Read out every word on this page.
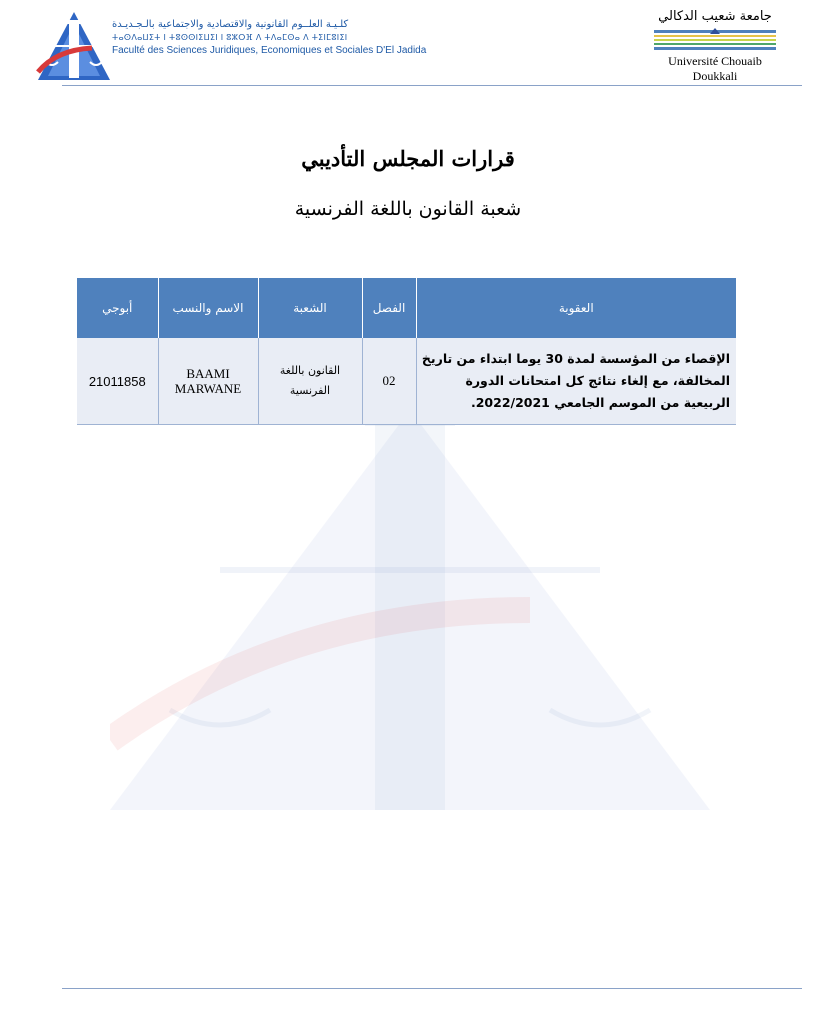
كلـيـة العلــوم القانونية والاقتصادية والاجتماعية بالـجـديـدة
ⵜⴰⵙⴷⴰⵡⵉⵜ ⵏ ⵜⵓⵙⵙⵏⵉⵡⵉⵏ ⵏ ⵓⵣⵔⴼ ⴷ ⵜⴷⴰⵎⵙⴰ ⴷ ⵜⵉⵏⵎⵓⵏⵉⵏ
Faculté des Sciences Juridiques, Economiques et Sociales D'El Jadida
جامعة شعيب الدكالي
Université Chouaib Doukkali
قرارات المجلس التأديبي
شعبة القانون باللغة الفرنسية
العقوبة	الفصل	الشعبة	الاسم والنسب	أبوجي
الإقصاء من المؤسسة لمدة 30 يوما ابتداء من تاريخ المخالفة، مع إلغاء نتائج كل امتحانات الدورة الربيعية من الموسم الجامعي 2022/2021.	02	القانون باللغة الفرنسية	BAAMI MARWANE	21011858
